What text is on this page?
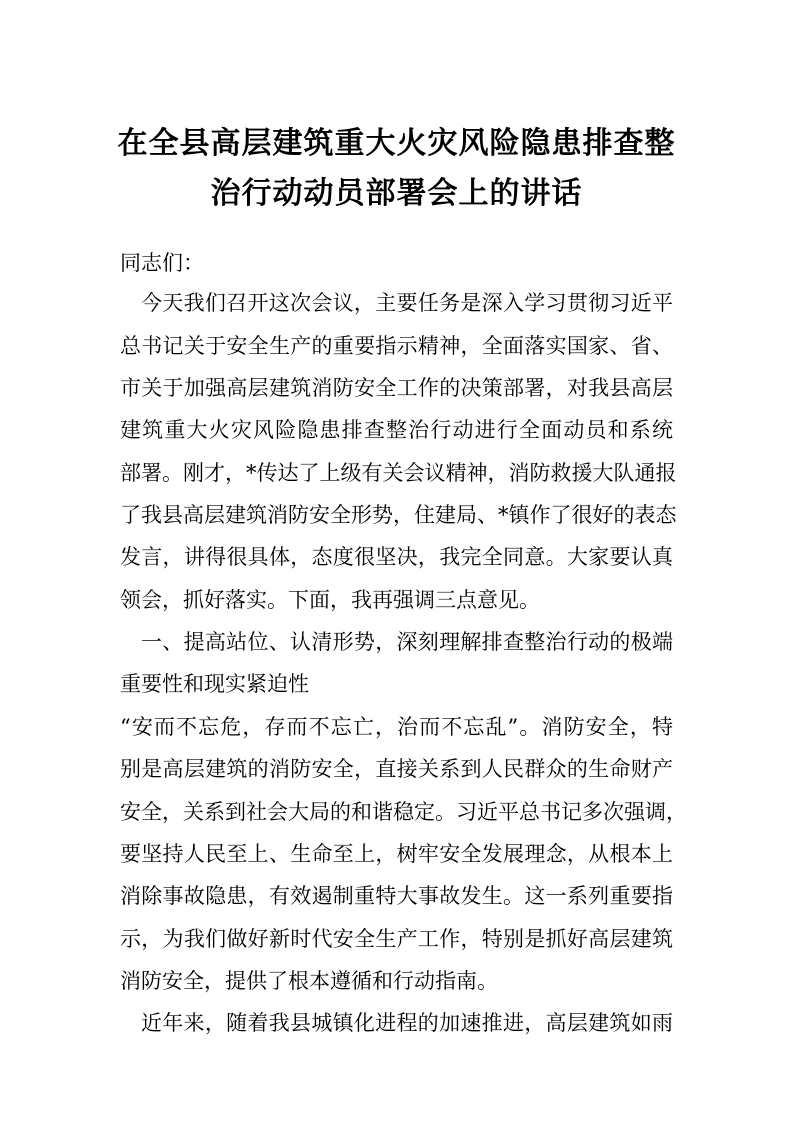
在全县高层建筑重大火灾风险隐患排查整
治行动动员部署会上的讲话
同志们：
今天我们召开这次会议，主要任务是深入学习贯彻习近平
总书记关于安全生产的重要指示精神，全面落实国家、省、
市关于加强高层建筑消防安全工作的决策部署，对我县高层
建筑重大火灾风险隐患排查整治行动进行全面动员和系统
部署。刚才，*传达了上级有关会议精神，消防救援大队通报
了我县高层建筑消防安全形势，住建局、*镇作了很好的表态
发言，讲得很具体，态度很坚决，我完全同意。大家要认真
领会，抓好落实。下面，我再强调三点意见。
一、提高站位、认清形势，深刻理解排查整治行动的极端
重要性和现实紧迫性
“安而不忘危，存而不忘亡，治而不忘乱”。消防安全，特
别是高层建筑的消防安全，直接关系到人民群众的生命财产
安全，关系到社会大局的和谐稳定。习近平总书记多次强调，
要坚持人民至上、生命至上，树牢安全发展理念，从根本上
消除事故隐患，有效遏制重特大事故发生。这一系列重要指
示，为我们做好新时代安全生产工作，特别是抓好高层建筑
消防安全，提供了根本遵循和行动指南。
近年来，随着我县城镇化进程的加速推进，高层建筑如雨
